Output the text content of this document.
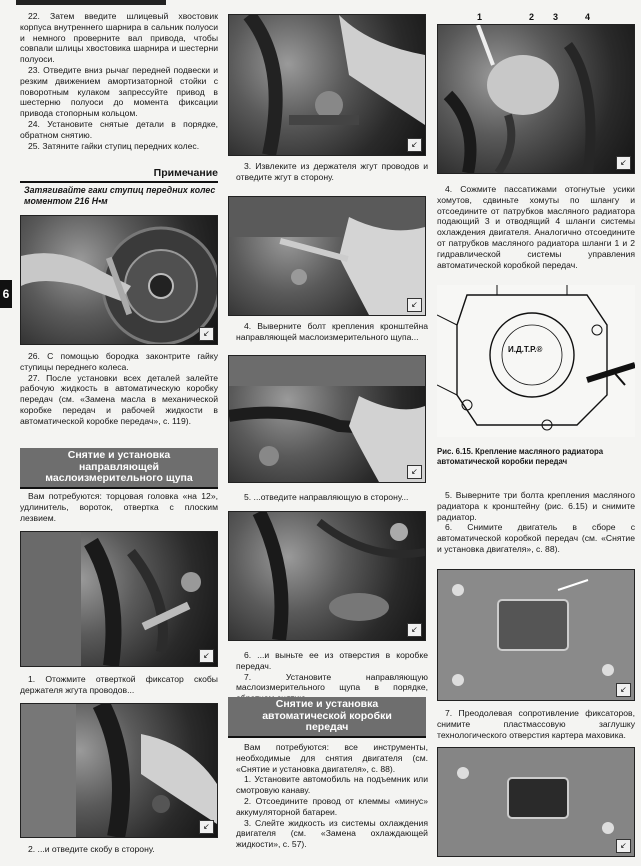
6

22. Затем введите шлицевый хвостовик корпуса внутреннего шарнира в сальник полуоси и немного проверните вал привода, чтобы совпали шлицы хвостовика шарнира и шестерни полуоси.

23. Отведите вниз рычаг передней подвески и резким движением амортизаторной стойки с поворотным кулаком запрессуйте привод в шестерню полуоси до момента фиксации привода стопорным кольцом.

24. Установите снятые детали в порядке, обратном снятию.

25. Затяните гайки ступиц передних колес.

Примечание
Затягивайте гаки ступиц передних колес моментом 216 Н•м
↙

26. С помощью бородка законтрите гайку ступицы переднего колеса.

27. После установки всех деталей залейте рабочую жидкость в автоматическую коробку передач (см. «Замена масла в механической коробке передач и рабочей жидкости в автоматической коробке передач», с. 119).

Снятие и установка
направляющей
маслоизмерительного щупа

Вам потребуются: торцовая головка «на 12», удлинитель, вороток, отвертка с плоским лезвием.

↙

1. Отожмите отверткой фиксатор скобы держателя жгута проводов...

↙

2. ...и отведите скобу в сторону.

↙

3. Извлеките из держателя жгут проводов и отведите жгут в сторону.

↙

4. Выверните болт крепления кронштейна направляющей маслоизмерительного щупа...

↙

5. ...отведите направляющую в сторону...

↙

6. ...и выньте ее из отверстия в коробке передач.

7. Установите направляющую маслоизмерительного щупа в порядке,

Снятие и установка
автоматической коробки
передач

Вам потребуются: все инструменты, необходимые для снятия двигателя (см. «Снятие и установка двигателя», с. 88).

1. Установите автомобиль на подъемник или смотровую канаву.

2. Отсоедините провод от клеммы «минус» аккумуляторной батареи.

3. Слейте жидкость из системы охлаждения двигателя (см. «Замена охлаждающей жидкости», с. 57).

↙
1	2 3	4

4. Сожмите пассатижами отогнутые усики хомутов, сдвиньте хомуты по шлангу и отсоедините от патрубков масляного радиатора подающий 3 и отводящий 4 шланги системы охлаждения двигателя. Аналогично отсоедините от патрубков масляного радиатора шланги 1 и 2 гидравлической системы управления автоматической коробкой передач.

И.Д.Т.Р.®
Рис. 6.15. Крепление масляного радиатора автоматической коробки передач

5. Выверните три болта крепления масляного радиатора к кронштейну (рис. 6.15) и снимите радиатор.

6. Снимите двигатель в сборе с автоматической коробкой передач (см. «Снятие и установка двигателя», с. 88).

↙

7. Преодолевая сопротивление фиксаторов, снимите пластмассовую заглушку технологического отверстия картера маховика.

↙
